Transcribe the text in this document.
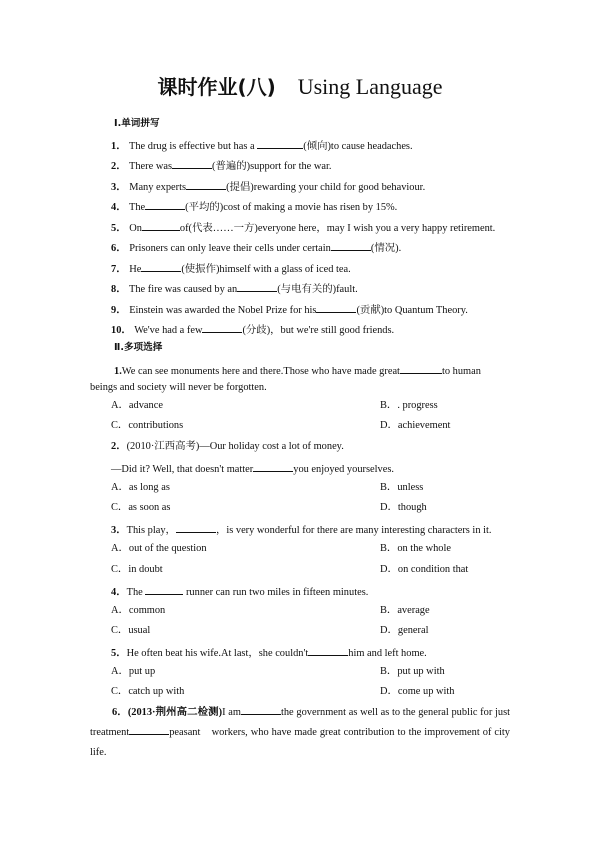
课时作业(八) Using Language
Ⅰ.单词拼写
1． The drug is effective but has a	(倾向)to cause headaches.
2． There was	(普遍的)support for the war.
3． Many experts	(提倡)rewarding your child for good behaviour.
4． The	(平均的)cost of making a movie has risen by 15%.
5． On	of(代表……一方)everyone here，may I wish you a very happy retirement.
6． Prisoners can only leave their cells under certain	(情况).
7． He	(使振作)himself with a glass of iced tea.
8． The fire was caused by an	(与电有关的)fault.
9． Einstein was awarded the Nobel Prize for his	(贡献)to Quantum Theory.
10． We've had a few	(分歧)，but we're still good friends.
Ⅱ.多项选择
1.We can see monuments here and there.Those who have made great	to human
beings and society will never be forgotten.
A．advance	B．. progress
C．contributions	D．achievement
2．(2010·江西高考)—Our holiday cost a lot of money.
—Did it? Well, that doesn't matter	you enjoyed yourselves.
A．as long as	B．unless
C．as soon as	D．though
3．This play，	，is very wonderful for there are many interesting characters in it.
A．out of the question	B．on the whole
C．in doubt	D．on condition that
4．The	runner can run two miles in fifteen minutes.
A．common	B．average
C．usual	D．general
5．He often beat his wife.At last，she couldn't	him and left home.
A．put up	B．put up with
C．catch up with	D．come up with
6．(2013·荆州高二检测)I am	the government as well as to the general public for just treatment	peasant　workers, who have made great contribution to the improvement of city life.
